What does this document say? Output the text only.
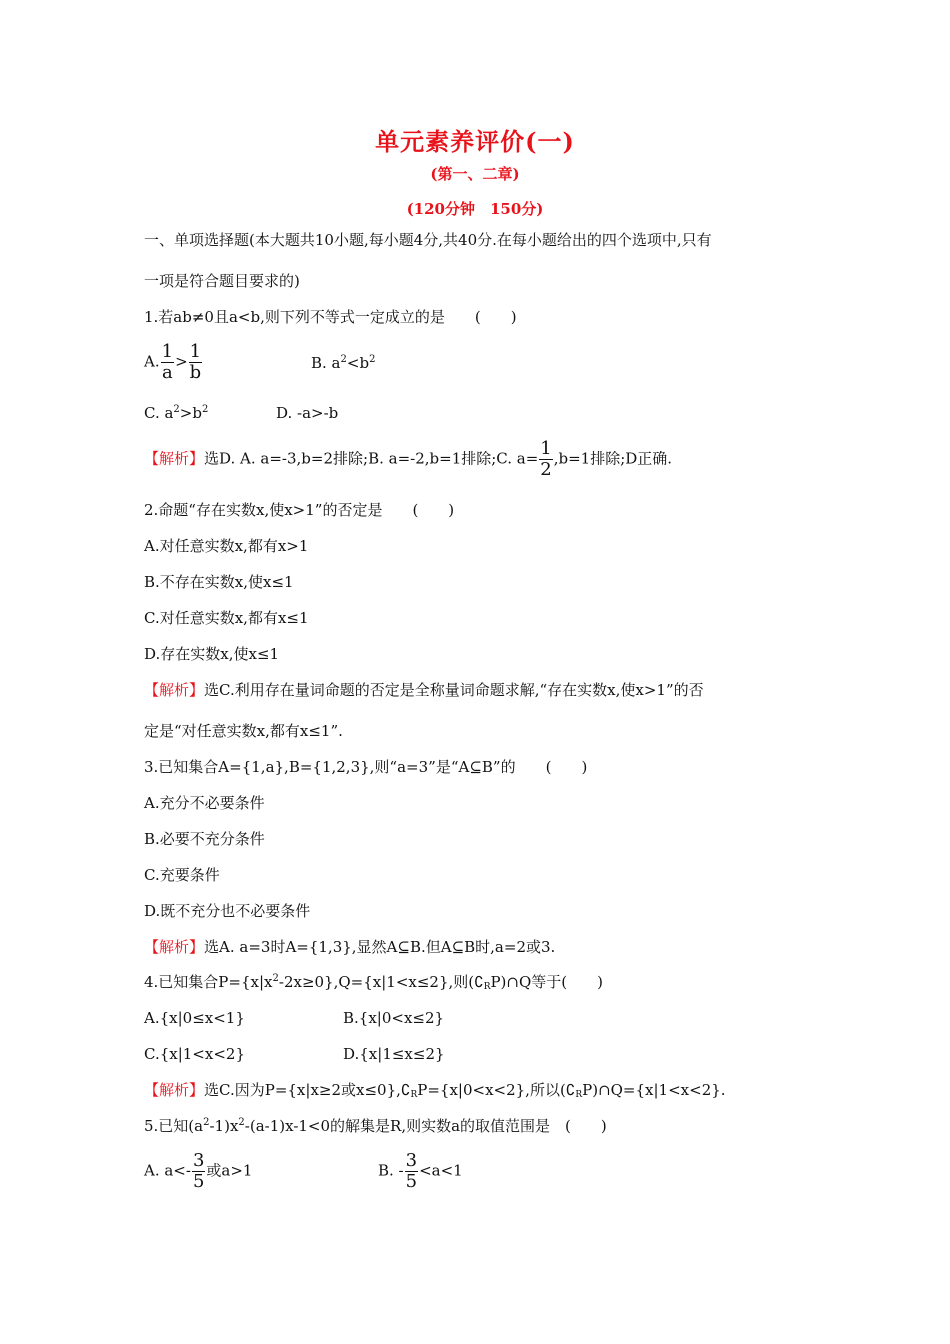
单元素养评价(一)
(第一、二章)
(120分钟　150分)
一、单项选择题(本大题共10小题,每小题4分,共40分.在每小题给出的四个选项中,只有
一项是符合题目要求的)
1.若ab≠0且a<b,则下列不等式一定成立的是　　(　　)
A. $\frac{1}{a} > \frac{1}{b}$	B. $a^2<b^2$
C. $a^2>b^2$	D. -a>-b
【解析】选D. A. a=-3,b=2排除;B. a=-2,b=1排除;C. $a= \frac{1}{2} ,b=1$排除;D正确.
2.命题“存在实数x,使x>1”的否定是　　(　　)
A.对任意实数x,都有x>1
B.不存在实数x,使x≤1
C.对任意实数x,都有x≤1
D.存在实数x,使x≤1
【解析】选C.利用存在量词命题的否定是全称量词命题求解,“存在实数x,使x>1”的否
定是“对任意实数x,都有x≤1”.
3.已知集合A={1,a},B={1,2,3},则“a=3”是“A⊆B”的　　(　　)
A.充分不必要条件
B.必要不充分条件
C.充要条件
D.既不充分也不必要条件
【解析】选A. a=3时A={1,3},显然A⊆B.但A⊆B时,a=2或3.
4.已知集合$P=\{x|x^2-2x\ge 0\},Q=\{x|1<x\le 2\}$,则$(∁_RP)\cap Q$等于(　　)
A.{x|0≤x<1}	B.{x|0<x≤2}
C.{x|1<x<2}	D.{x|1≤x≤2}
【解析】选C.因为P={x|x≥2或$x\le 0\},∁_RP=\{x|0<x<2\}$,所以$(∁_RP)\cap Q=\{x|1<x<2\}$.
5.已知$(a^2-1)x^2-(a-1)x-1<0$的解集是R,则实数a的取值范围是　(　　)
A. $a<- \frac{3}{5}$ 或a>1	B. - $\frac{3}{5} <a<1$
